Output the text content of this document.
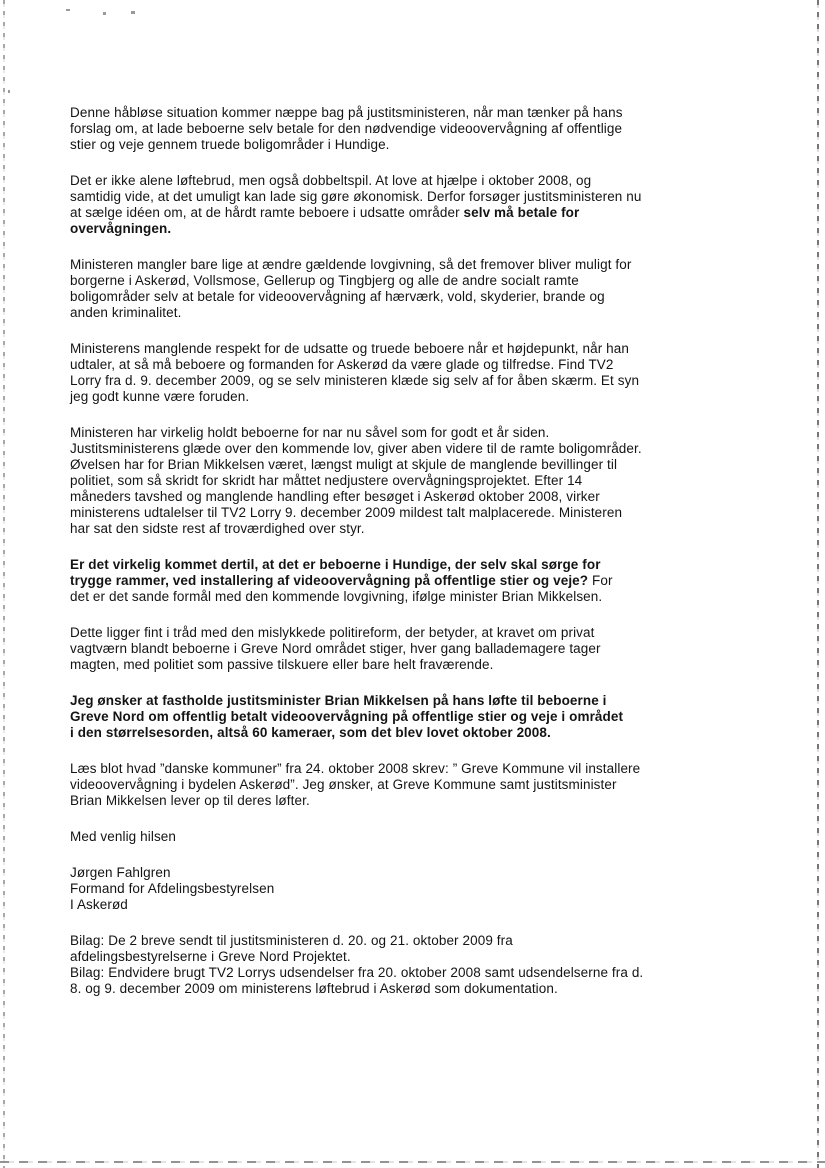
Denne håbløse situation kommer næppe bag på justitsministeren, når man tænker på hans
forslag om, at lade beboerne selv betale for den nødvendige videoovervågning af offentlige
stier og veje gennem truede boligområder i Hundige.
Det er ikke alene løftebrud, men også dobbeltspil. At love at hjælpe i oktober 2008, og
samtidig vide, at det umuligt kan lade sig gøre økonomisk. Derfor forsøger justitsministeren nu
at sælge idéen om, at de hårdt ramte beboere i udsatte områder selv må betale for
overvågningen.
Ministeren mangler bare lige at ændre gældende lovgivning, så det fremover bliver muligt for
borgerne i Askerød, Vollsmose, Gellerup og Tingbjerg og alle de andre socialt ramte
boligområder selv at betale for videoovervågning af hærværk, vold, skyderier, brande og
anden kriminalitet.
Ministerens manglende respekt for de udsatte og truede beboere når et højdepunkt, når han
udtaler, at så må beboere og formanden for Askerød da være glade og tilfredse. Find TV2
Lorry fra d. 9. december 2009, og se selv ministeren klæde sig selv af for åben skærm. Et syn
jeg godt kunne være foruden.
Ministeren har virkelig holdt beboerne for nar nu såvel som for godt et år siden.
Justitsministerens glæde over den kommende lov, giver aben videre til de ramte boligområder.
Øvelsen har for Brian Mikkelsen været, længst muligt at skjule de manglende bevillinger til
politiet, som så skridt for skridt har måttet nedjustere overvågningsprojektet. Efter 14
måneders tavshed og manglende handling efter besøget i Askerød oktober 2008, virker
ministerens udtalelser til TV2 Lorry 9. december 2009 mildest talt malplacerede. Ministeren
har sat den sidste rest af troværdighed over styr.
Er det virkelig kommet dertil, at det er beboerne i Hundige, der selv skal sørge for
trygge rammer, ved installering af videoovervågning på offentlige stier og veje? For
det er det sande formål med den kommende lovgivning, ifølge minister Brian Mikkelsen.
Dette ligger fint i tråd med den mislykkede politireform, der betyder, at kravet om privat
vagtværn blandt beboerne i Greve Nord området stiger, hver gang ballademagere tager
magten, med politiet som passive tilskuere eller bare helt fraværende.
Jeg ønsker at fastholde justitsminister Brian Mikkelsen på hans løfte til beboerne i
Greve Nord om offentlig betalt videoovervågning på offentlige stier og veje i området
i den størrelsesorden, altså 60 kameraer, som det blev lovet oktober 2008.
Læs blot hvad ”danske kommuner” fra 24. oktober 2008 skrev: ” Greve Kommune vil installere
videoovervågning i bydelen Askerød”. Jeg ønsker, at Greve Kommune samt justitsminister
Brian Mikkelsen lever op til deres løfter.
Med venlig hilsen
Jørgen Fahlgren
Formand for Afdelingsbestyrelsen
I Askerød
Bilag: De 2 breve sendt til justitsministeren d. 20. og 21. oktober 2009 fra
afdelingsbestyrelserne i Greve Nord Projektet.
Bilag: Endvidere brugt TV2 Lorrys udsendelser fra 20. oktober 2008 samt udsendelserne fra d.
8. og 9. december 2009 om ministerens løftebrud i Askerød som dokumentation.
